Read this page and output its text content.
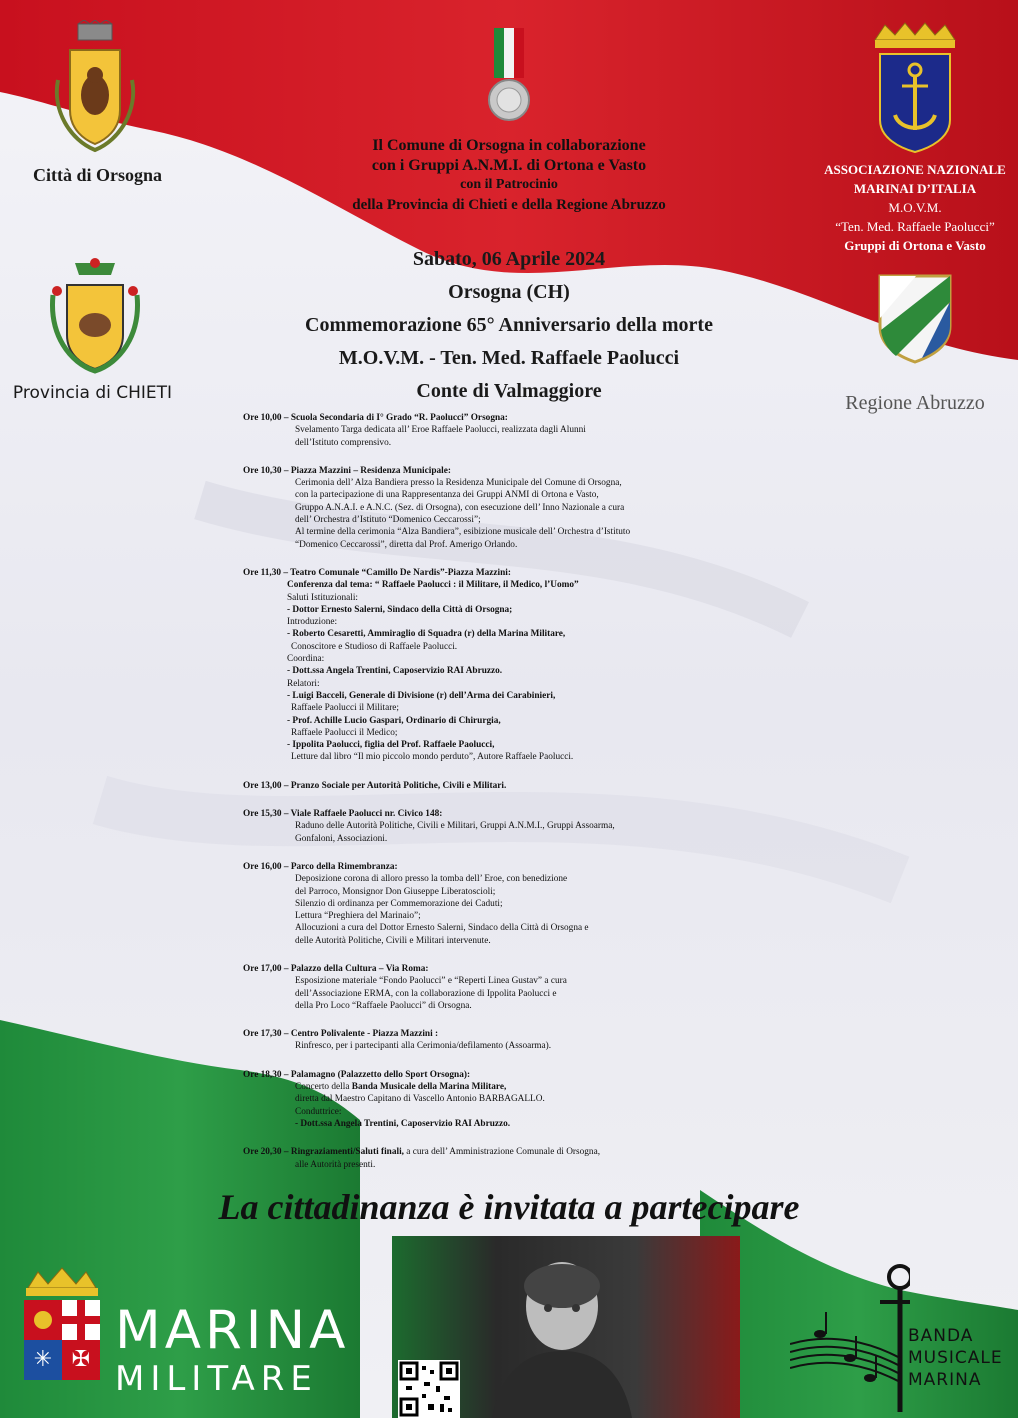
Città di Orsogna
Provincia di CHIETI
ASSOCIAZIONE NAZIONALE
MARINAI D’ITALIA
M.O.V.M.
“Ten. Med. Raffaele Paolucci”
Gruppi di Ortona e Vasto
Regione Abruzzo
Il Comune di Orsogna in collaborazione
con i Gruppi A.N.M.I. di Ortona e Vasto
con il Patrocinio
della Provincia di Chieti e della Regione Abruzzo
Sabato, 06 Aprile 2024
Orsogna (CH)
Commemorazione 65° Anniversario della morte
M.O.V.M. - Ten. Med. Raffaele Paolucci
Conte di Valmaggiore
Ore 10,00 – Scuola Secondaria di I° Grado “R. Paolucci” Orsogna:
Svelamento Targa dedicata all’ Eroe Raffaele Paolucci, realizzata dagli Alunni
dell’Istituto comprensivo.
Ore 10,30 – Piazza Mazzini – Residenza Municipale:
Cerimonia dell’ Alza Bandiera presso la Residenza Municipale del Comune di Orsogna,
con la partecipazione di una Rappresentanza dei Gruppi ANMI di Ortona e Vasto,
Gruppo A.N.A.I. e A.N.C. (Sez. di Orsogna), con esecuzione dell’ Inno Nazionale a cura
dell’ Orchestra d’Istituto “Domenico Ceccarossi”;
Al termine della cerimonia “Alza Bandiera”, esibizione musicale dell’ Orchestra d’Istituto
“Domenico Ceccarossi”, diretta dal Prof. Amerigo Orlando.
Ore 11,30 – Teatro Comunale “Camillo De Nardis”-Piazza Mazzini:
Conferenza dal tema: “ Raffaele Paolucci : il Militare, il Medico, l’Uomo”
Saluti Istituzionali:
- Dottor Ernesto Salerni, Sindaco della Città di Orsogna;
Introduzione:
- Roberto Cesaretti, Ammiraglio di Squadra (r) della Marina Militare,
Conoscitore e Studioso di Raffaele Paolucci.
Coordina:
- Dott.ssa Angela Trentini, Caposervizio RAI Abruzzo.
Relatori:
- Luigi Bacceli, Generale di Divisione (r) dell’Arma dei Carabinieri,
Raffaele Paolucci il Militare;
- Prof. Achille Lucio Gaspari, Ordinario di Chirurgia,
Raffaele Paolucci il Medico;
- Ippolita Paolucci, figlia del Prof. Raffaele Paolucci,
Letture dal libro “Il mio piccolo mondo perduto”, Autore Raffaele Paolucci.
Ore 13,00 – Pranzo Sociale per Autorità Politiche, Civili e Militari.
Ore 15,30 – Viale Raffaele Paolucci nr. Civico 148:
Raduno delle Autorità Politiche, Civili e Militari, Gruppi A.N.M.I., Gruppi Assoarma,
Gonfaloni, Associazioni.
Ore 16,00 – Parco della Rimembranza:
Deposizione corona di alloro presso la tomba dell’ Eroe, con benedizione
del Parroco, Monsignor Don Giuseppe Liberatoscioli;
Silenzio di ordinanza per Commemorazione dei Caduti;
Lettura “Preghiera del Marinaio”;
Allocuzioni a cura del Dottor Ernesto Salerni, Sindaco della Città di Orsogna e
delle Autorità Politiche, Civili e Militari intervenute.
Ore 17,00 – Palazzo della Cultura – Via Roma:
Esposizione materiale “Fondo Paolucci” e “Reperti Linea Gustav” a cura
dell’Associazione ERMA, con la collaborazione di Ippolita Paolucci e
della Pro Loco “Raffaele Paolucci” di Orsogna.
Ore 17,30 – Centro Polivalente - Piazza Mazzini :
Rinfresco, per i partecipanti alla Cerimonia/defilamento (Assoarma).
Ore 18,30 – Palamagno (Palazzetto dello Sport Orsogna):
Concerto della Banda Musicale della Marina Militare,
diretta dal Maestro Capitano di Vascello Antonio BARBAGALLO.
Conduttrice:
- Dott.ssa Angela Trentini, Caposervizio RAI Abruzzo.
Ore 20,30 – Ringraziamenti/Saluti finali, a cura dell’ Amministrazione Comunale di Orsogna,
alle Autorità presenti.
La cittadinanza è invitata a partecipare
✳ ✠ MARINA
MILITARE
BANDA
MUSICALE
MARINA
